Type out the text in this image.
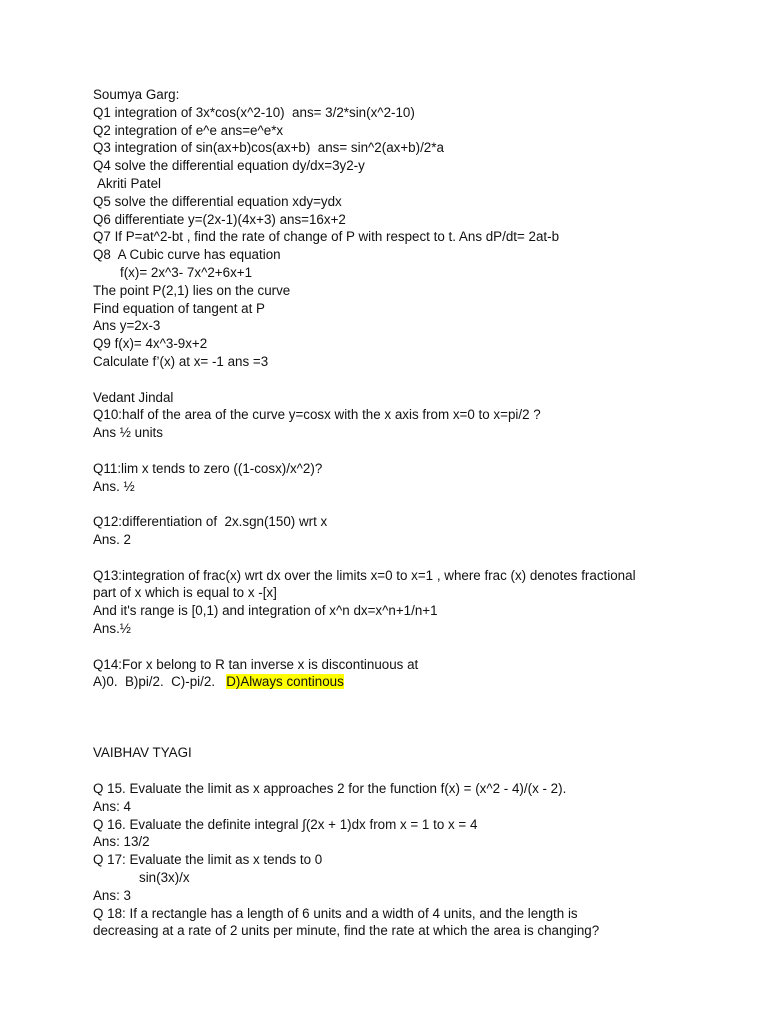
Soumya Garg:
Q1 integration of 3x*cos(x^2-10)  ans= 3/2*sin(x^2-10)
Q2 integration of e^e ans=e^e*x
Q3 integration of sin(ax+b)cos(ax+b)  ans= sin^2(ax+b)/2*a
Q4 solve the differential equation dy/dx=3y2-y
Akriti Patel
Q5 solve the differential equation xdy=ydx
Q6 differentiate y=(2x-1)(4x+3) ans=16x+2
Q7 If P=at^2-bt , find the rate of change of P with respect to t. Ans dP/dt= 2at-b
Q8  A Cubic curve has equation
f(x)= 2x^3- 7x^2+6x+1
The point P(2,1) lies on the curve
Find equation of tangent at P
Ans y=2x-3
Q9 f(x)= 4x^3-9x+2
Calculate f’(x) at x= -1 ans =3
Vedant Jindal
Q10:half of the area of the curve y=cosx with the x axis from x=0 to x=pi/2 ?
Ans ½ units
Q11:lim x tends to zero ((1-cosx)/x^2)?
Ans. ½
Q12:differentiation of  2x.sgn(150) wrt x
Ans. 2
Q13:integration of frac(x) wrt dx over the limits x=0 to x=1 , where frac (x) denotes fractional
part of x which is equal to x -[x]
And it's range is [0,1) and integration of x^n dx=x^n+1/n+1
Ans.½
Q14:For x belong to R tan inverse x is discontinuous at
A)0.  B)pi/2.  C)-pi/2.   D)Always continous
VAIBHAV TYAGI
Q 15. Evaluate the limit as x approaches 2 for the function f(x) = (x^2 - 4)/(x - 2).
Ans: 4
Q 16. Evaluate the definite integral ∫(2x + 1)dx from x = 1 to x = 4
Ans: 13/2
Q 17: Evaluate the limit as x tends to 0
sin(3x)/x
Ans: 3
Q 18: If a rectangle has a length of 6 units and a width of 4 units, and the length is
decreasing at a rate of 2 units per minute, find the rate at which the area is changing?
